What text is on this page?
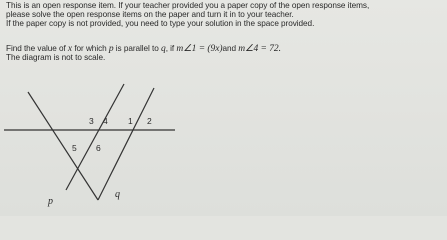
This is an open response item. If your teacher provided you a paper copy of the open response items,
please solve the open response items on the paper and turn it in to your teacher.
If the paper copy is not provided, you need to type your solution in the space provided.
Find the value of x for which p is parallel to q, if m∠1 = (9x)and m∠4 = 72.
The diagram is not to scale.
3 4 1 2
5 6
p
q
